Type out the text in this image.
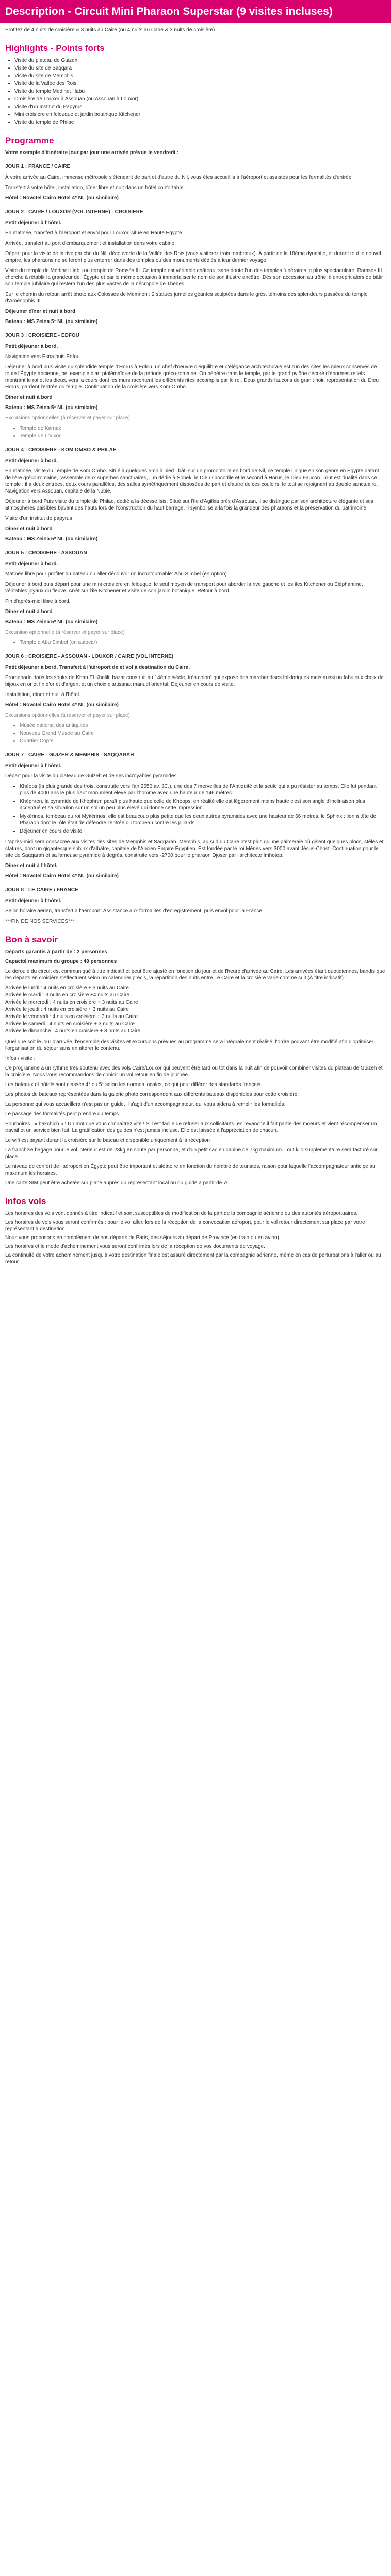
Description - Circuit Mini Pharaon Superstar (9 visites incluses)

Profitez de 4 nuits de croisière & 3 nuits au Caire (ou 4 nuits au Caire & 3 nuits de croisière)

Highlights - Points forts
• Visite du plateau de Guizeh
• Visite du site de Saqqara
• Visite du site de Memphis
• Visite de la Vallée des Rois
• Visite du temple Medinet Habu
• Croisière de Louxor à Assouan (ou Assouan à Louxor)
• Visite d'un Institut du Papyrus
• Mini croisière en felouque et jardin botanique Kitchener
• Visite du temple de Philae
Programme

Votre exemple d'itinéraire jour par jour une arrivée prévue le vendredi :

JOUR 1 : FRANCE / CAIRE

À votre arrivée au Caire, immense métropole s'étendant de part et d'autre du Nil, vous êtes accueillis à l'aéroport et assistés pour les formalités d'entrée.

Transfert à votre hôtel, installation, dîner libre et nuit dans un hôtel confortable.

Hôtel : Novotel Cairo Hotel 4* NL (ou similaire)

JOUR 2 : CAIRE / LOUXOR (VOL INTERNE) - CROISIERE

Petit déjeuner à l'hôtel.

En matinée, transfert à l'aéroport et envol pour Louxor, situé en Haute Egypte.

Arrivée, transfert au port d'embarquement et installation dans votre cabine.

Départ pour la visite de la rive gauche du Nil, découverte de la Vallée des Rois (vous visiterez trois tombeaux). À partir de la 18ème dynastie, et durant tout le nouvel empire, les pharaons ne se feront plus enterrer dans des temples ou des monuments dédiés à leur dernier voyage.

Visite du temple de Médinet Habu ou temple de Ramsès III. Ce temple est véritable château, sans doute l'un des temples funéraires le plus spectaculaire. Ramsès III cherche à rétablir la grandeur de l'Égypte et par le même occasion à immortaliser le nom de son illustre ancêtre. Dès son accession au trône, il entreprit alors de bâtir son temple jubilaire qui restera l'un des plus vastes de la nécropole de Thèbes.

Sur le chemin du retour, arrêt photo aux Colosses de Memnon : 2 statues jumelles géantes sculptées dans le grès, témoins des splendeurs passées du temple d'Aménophis III.

Déjeuner dîner et nuit à bord

Bateau : MS Zeina 5* NL (ou similaire)

JOUR 3 : CROISIERE - EDFOU

Petit déjeuner à bord.

Navigation vers Esna puis Edfou.

Déjeuner à bord puis visite du splendide temple d'Horus à Edfou, un chef d'oeuvre d'équilibre et d'élégance architecturale est l'un des sites les mieux conservés de toute l'Égypte ancienne, bel exemple d'art ptolémaïque de la période gréco-romaine. On pénètre dans le temple, par le grand pylône décoré d'énormes reliefs montrant le roi et les dieux, vers la cours dont les murs racontent les différents rites accomplis par le roi. Deux grands faucons de granit noir, représentation du Dieu Horus, gardent l'entrée du temple. Continuation de la croisière vers Kom Ombo.

Dîner et nuit à bord

Bateau : MS Zeina 5* NL (ou similaire)

Excursions optionnelles (à réserver et payer sur place)

• Temple de Karnak
• Temple de Louxor
JOUR 4 : CROISIERE - KOM OMBO & PHILAE

Petit déjeuner à bord.

En matinée, visite du Temple de Kom Ombo. Situé à quelques 5mn à pied : bâti sur un promontoire en bord de Nil, ce temple unique en son genre en Égypte datant de l'ère gréco-romaine, rassemble deux superbes sanctuaires, l'un dédié à Sobek, le Dieu Crocodile et le second à Horus, le Dieu Faucon. Tout est dualité dans ce temple : il a deux entrées, deux cours parallèles, des salles symétriquement disposées de part et d'autre de ces couloirs, le tout se rejoignant au double sanctuaire. Navigation vers Assouan, capitale de la Nubie.

Déjeuner à bord Puis visite du temple de Philae, dédié a la déesse Isis. Situé sur l'île d'Agilkia près d'Assouan, il se distingue par son architecture élégante et ses atmosphères paisibles bavant des hauts lors de l'construction du haut barrage. Il symbolise a la fois la grandeur des pharaons et la préservation du patrimoine.

Visite d'un institut de papyrus

Dîner et nuit à bord

Bateau : MS Zeina 5* NL (ou similaire)

JOUR 5 : CROISIERE - ASSOUAN

Petit déjeuner à bord.

Matinée libre pour profiter du bateau ou aller découvrir un incontournable: Abu Simbel (en option).

Déjeuner à bord puis départ pour une mini croisière en felouque, le seul moyen de transport pour aborder la rive gauche et les îles Kitchener ou Eléphantine, véritables joyaux du fleuve. Arrêt sur l'île Kitchener et visite de son jardin botanique. Retour à bord.

Fin d'après-midi libre à bord.

Dîner et nuit à bord

Bateau : MS Zeina 5* NL (ou similaire)

Excursion optionnelle (à réserver et payer sur place)

• Temple d'Abu Simbel (en autocar)
JOUR 6 : CROISIERE - ASSOUAN - LOUXOR / CAIRE (VOL INTERNE)

Petit déjeuner à bord. Transfert à l'aéroport de et vol à destination du Caire.

Promenade dans les souks de Khan El Khalili: bazar construit au 14ème siècle, très coloré qui expose des marchandises folkloriques mais aussi un fabuleux choix de bijoux en or et fin d'or et d'argent et un choix d'artisanat manuel oriental. Déjeuner en cours de visite.

Installation, dîner et nuit à l'hôtel.

Hôtel : Novotel Cairo Hotel 4* NL (ou similaire)

Excursions optionnelles (à réserver et payer sur place)

• Musée national des antiquités
• Nouveau Grand Musée au Caire
• Quartier Copte
JOUR 7 : CAIRE - GUIZEH & MEMPHIS - SAQQARAH

Petit déjeuner à l'hôtel.

Départ pour la visite du plateau de Guizeh et de ses incroyables pyramides:

• Khéops (la plus grande des trois, construite vers l'an 2650 av. JC.), une des 7 merveilles de l'Antiquité et la seule qui a pu résister au temps. Elle fut pendant plus de 4000 ans le plus haut monument élevé par l'homme avec une hauteur de 146 mètres.
• Khéphren, la pyramide de Khéphren paraît plus haute que celle de Khéops, en réalité elle est légèrement moins haute c'est son angle d'inclinaison plus accentué et sa situation sur un sol un peu plus élevé qui donne cette impression.
• Mykérinos, tombeau du roi Mykérinos, elle est beaucoup plus petite que les deux autres pyramides avec une hauteur de 66 mètres. le Sphinx : lion à tête de Pharaon dont le rôle était de défendre l'entrée du tombeau contre les pillards.
• Déjeuner en cours de visite.

L'après-midi sera consacrée aux visites des sites de Memphis et Saqqarah. Memphis, au sud du Caire n'est plus qu'une palmeraie où gisent quelques blocs, stèles et statues, dont un gigantesque sphinx d'albâtre, capitale de l'Ancien Empire Égyptien. Est fondée par le roi Ménès vers 3000 avant Jésus-Christ. Continuation pour le site de Saqqarah et sa fameuse pyramide à degrés, construite vers -2700 pour le pharaon Djoser par l'architecte Imhotep.

Dîner et nuit à l'hôtel.

Hôtel : Novotel Cairo Hotel 4* NL (ou similaire)

JOUR 8 : LE CAIRE / FRANCE

Petit déjeuner à l'hôtel.

Selon horaire aérien, transfert à l'aéroport. Assistance aux formalités d'enregistrement, puis envol pour la France

***FIN DE NOS SERVICES***

Bon à savoir

Départs garantis à partir de : 2 personnes

Capacité maximum du groupe : 49 personnes

Le déroulé du circuit est communiqué à titre indicatif et peut être ajusté en fonction du jour et de l'heure d'arrivée au Caire. Les arrivées étant quotidiennes, bandis que les départs en croisière s'effectuent selon un calendrier précis, la répartition des nuits entre Le Caire et la croisière varie comme suit (À titre indicatif) :

Arrivée le lundi : 4 nuits en croisière + 3 nuits au Caire
Arrivée le mardi : 3 nuits en croisière +4 nuits au Caire
Arrivée le mercredi : 4 nuits en croisière + 3 nuits au Caire
Arrivée le jeudi : 4 nuits en croisière + 3 nuits au Caire
Arrivée le vendredi : 4 nuits en croisière + 3 nuits au Caire
Arrivée le samedi : 4 nuits en croisière + 3 nuits au Caire
Arrivée le dimanche : 4 nuits en croisière + 3 nuits au Caire

Quel que soit le jour d'arrivée, l'ensemble des visites et excursions prévues au programme sera intégralement réalisé, l'ordre pouvant être modifié afin d'optimiser l'organisation du séjour sans en altérer le contenu.

Infos / visite :

Ce programme a un rythme très soutenu avec des vols Caire/Louxor qui peuvent être tard ou tôt dans la nuit afin de pouvoir combiner visites du plateau de Guizeh et la croisière. Nous vous recommandons de choisir un vol retour en fin de journée.

Les bateaux et hôtels sont classés 4* ou 5* selon les normes locales, ce qui peut différer des standards français.

Les photos de bateaux représentées dans la galerie photo correspondent aux différents bateaux disponibles pour cette croisière.

La personne qui vous accueillera n'est pas un guide, il s'agit d'un accompagnateur, qui vous aidera à remplir les formalités.

Le passage des formalités peut prendre du temps

Pourboires : « bakchich » ! Un mot que vous connaîtrez vite ! S'il est facile de refuser aux sollicitants, en revanche il fait partie des moeurs et vient récompenser un travail et un service bien fait. La gratification des guides n'est jamais incluse. Elle est laissée à l'appréciation de chacun.

Le wifi est payant durant la croisière sur le bateau et disponible uniquement à la réception

La franchise bagage pour le vol intérieur est de 23kg en soute par personne, et d'un petit sac en cabine de 7kg maximum. Tout kilo supplémentaire sera facturé sur place.

Le niveau de confort de l'aéroport en Égypte peut être important et aléatoire en fonction du nombre de touristes, raison pour laquelle l'accompagnateur anticipe au maximum les horaires.

Une carte SIM peut être achetée sur place auprès du représentant local ou du guide à partir de 7€

Infos vols

Les horaires des vols vont donnés à titre indicatif et sont susceptibles de modification de la part de la compagnie aérienne ou des autorités aéroportuaires.

Les horaires de vols vous seront confirmés : pour le vol aller, lors de la réception de la convocation aéroport, pour le vol retour directement sur place par votre représentant à destination.

Nous vous proposons en complément de nos départs de Paris, des séjours au départ de Province (en train ou en avion).

Les horaires et le mode d'acheminement vous seront confirmés lors de la réception de vos documents de voyage.

La continuité de votre acheminement jusqu'à votre destination finale est assuré directement par la compagnie aérienne, même en cas de perturbations à l'aller ou au retour.
